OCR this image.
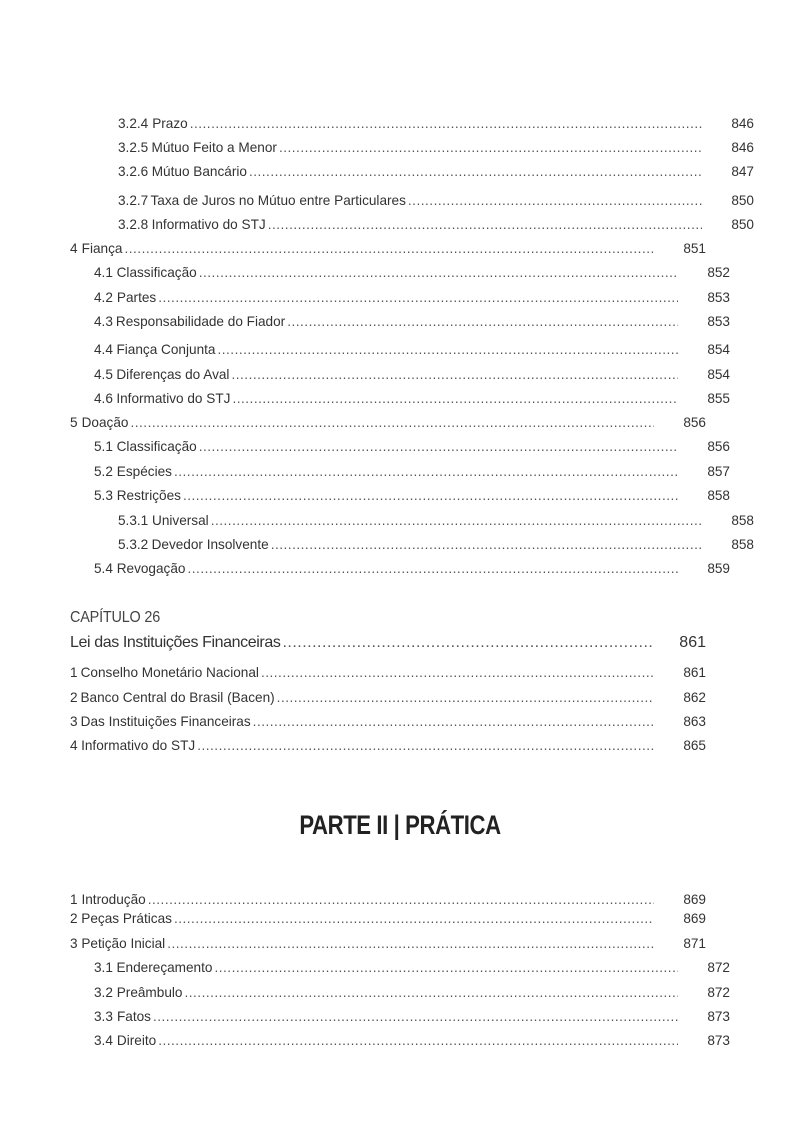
3.2.4 Prazo .....	846
3.2.5 Mútuo Feito a Menor .....	846
3.2.6 Mútuo Bancário .....	847
3.2.7 Taxa de Juros no Mútuo entre Particulares .....	850
3.2.8 Informativo do STJ .....	850
4 Fiança .....	851
4.1 Classificação .....	852
4.2 Partes .....	853
4.3 Responsabilidade do Fiador .....	853
4.4 Fiança Conjunta .....	854
4.5 Diferenças do Aval .....	854
4.6 Informativo do STJ .....	855
5 Doação .....	856
5.1 Classificação .....	856
5.2 Espécies .....	857
5.3 Restrições .....	858
5.3.1 Universal .....	858
5.3.2 Devedor Insolvente .....	858
5.4 Revogação .....	859
CAPÍTULO 26
Lei das Instituições Financeiras .....	861
1 Conselho Monetário Nacional .....	861
2 Banco Central do Brasil (Bacen) .....	862
3 Das Instituições Financeiras .....	863
4 Informativo do STJ .....	865
PARTE II | PRÁTICA
1 Introdução .....	869
2 Peças Práticas .....	869
3 Petição Inicial .....	871
3.1 Endereçamento .....	872
3.2 Preâmbulo .....	872
3.3 Fatos .....	873
3.4 Direito .....	873
